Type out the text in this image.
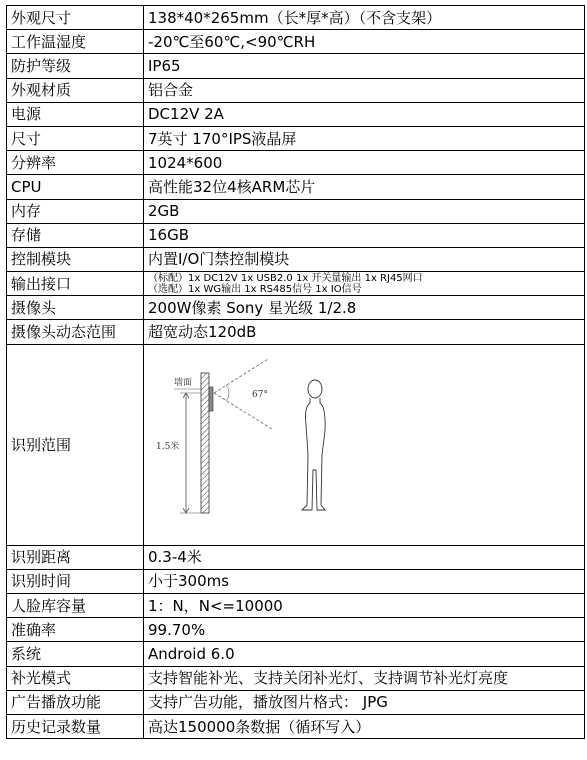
外观尺寸	138*40*265mm（长*厚*高）（不含支架）
工作温湿度	-20℃至60℃,<90℃RH
防护等级	IP65
外观材质	铝合金
电源	DC12V 2A
尺寸	7英寸 170°IPS液晶屏
分辨率	1024*600
CPU	高性能32位4核ARM芯片
内存	2GB
存储	16GB
控制模块	内置I/O门禁控制模块
输出接口	（标配）1x DC12V 1x USB2.0 1x 开关量输出 1x RJ45网口
（选配）1x WG输出 1x RS485信号 1x IO信号

摄像头	200W像素 Sony 星光级 1/2.8
摄像头动态范围	超宽动态120dB
识别范围	墙面
67°
1.5米

识别距离	0.3-4米
识别时间	小于300ms
人脸库容量	1：N，N<=10000
准确率	99.70%
系统	Android 6.0
补光模式	支持智能补光、支持关闭补光灯、支持调节补光灯亮度
广告播放功能	支持广告功能，播放图片格式： JPG
历史记录数量	高达150000条数据（循环写入）
